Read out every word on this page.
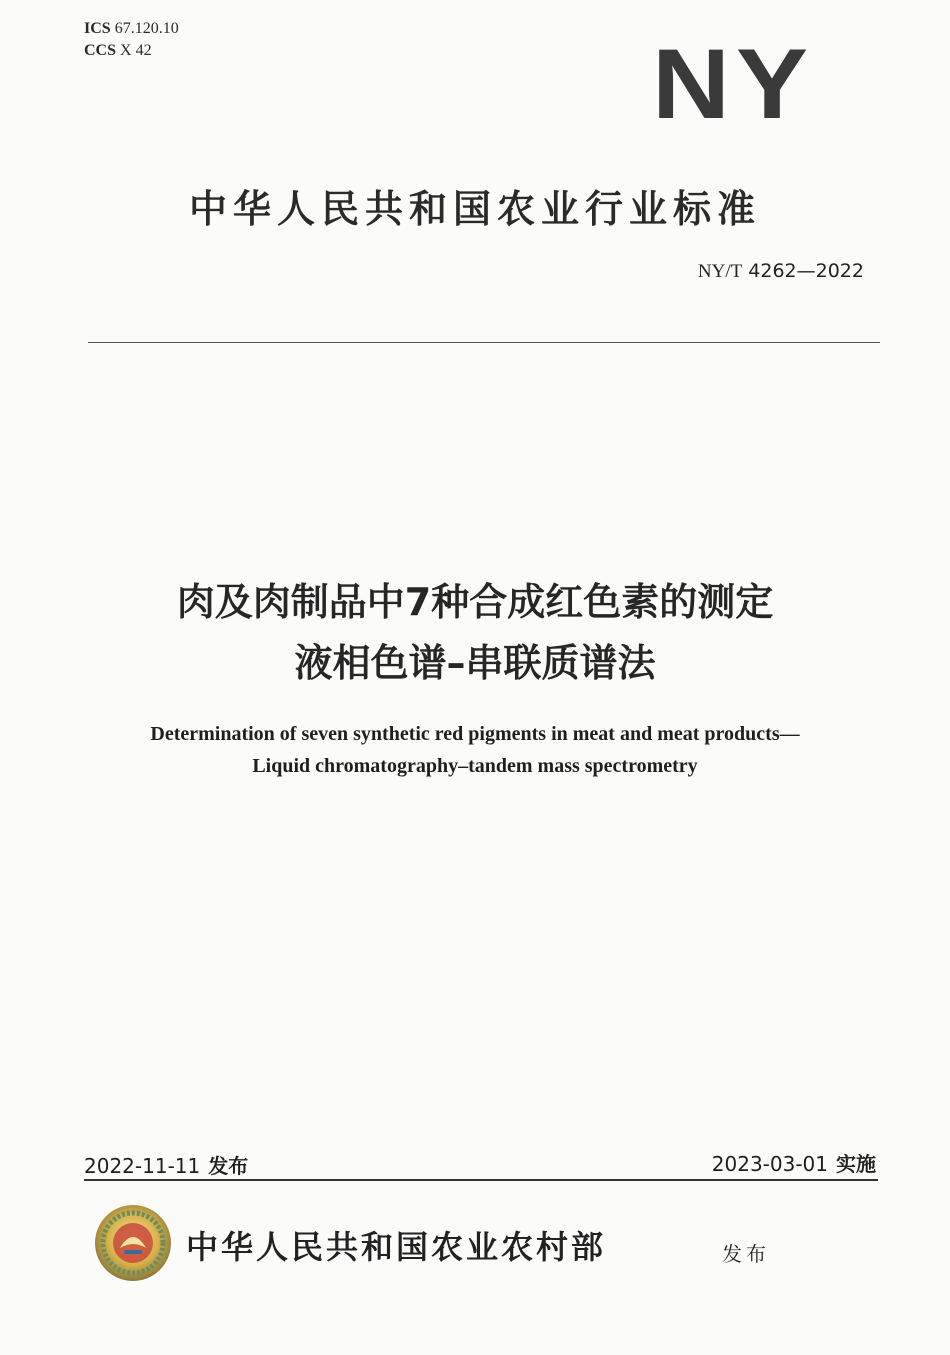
ICS 67.120.10
CCS X 42	NY
中华人民共和国农业行业标准
NY/T 4262—2022
肉及肉制品中7种合成红色素的测定
液相色谱–串联质谱法
Determination of seven synthetic red pigments in meat and meat products—
Liquid chromatography–tandem mass spectrometry
2022-11-11 发布	2023-03-01 实施
中华人民共和国农业农村部	发布
